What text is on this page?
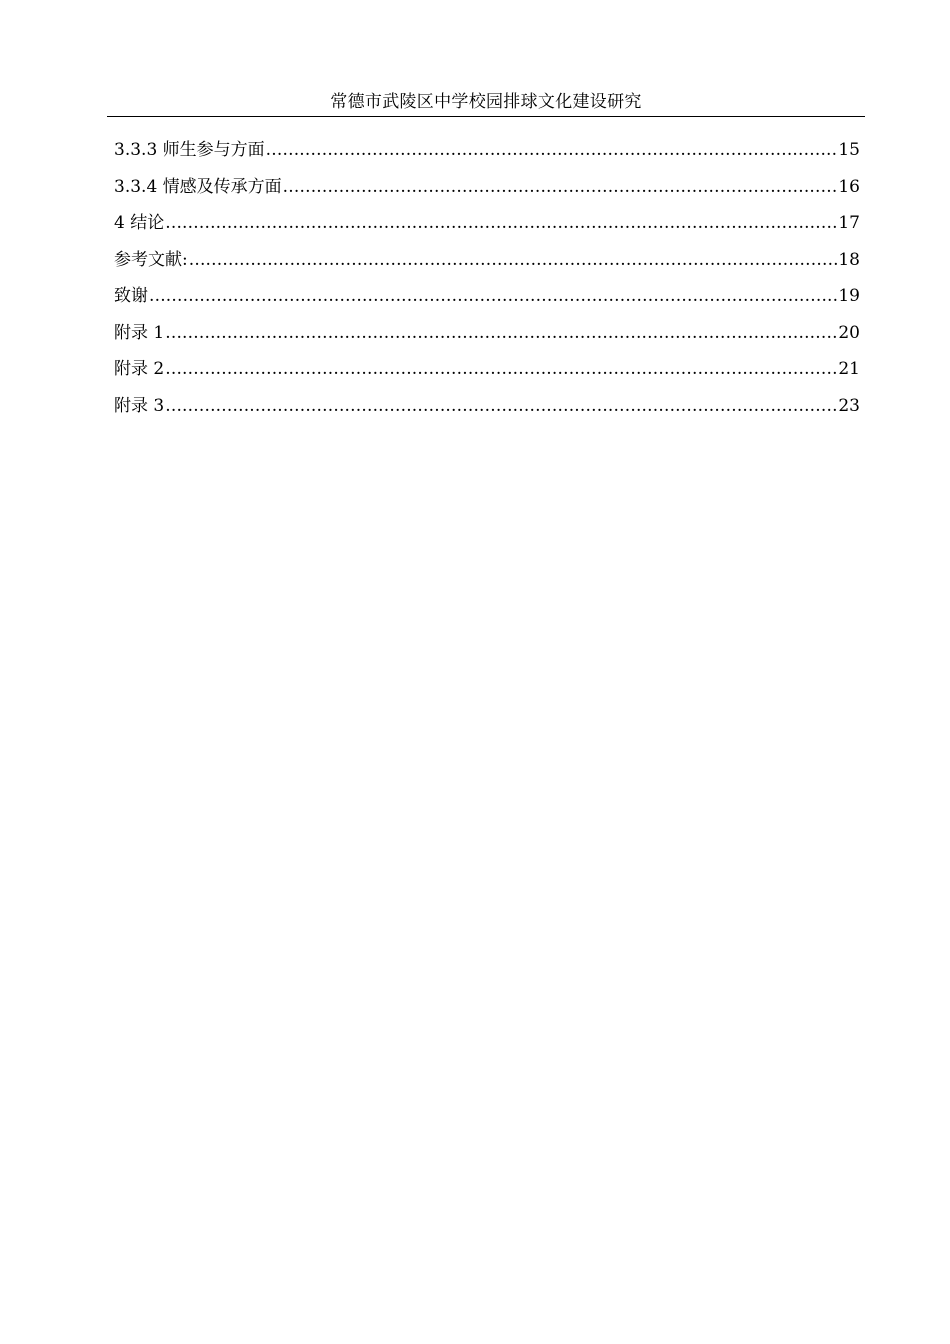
常德市武陵区中学校园排球文化建设研究
3.3.3 师生参与方面 .....	15
3.3.4 情感及传承方面 .....	16
4 结论 .....	17
参考文献: .....	18
致谢 .....	19
附录 1 .....	20
附录 2 .....	21
附录 3 .....	23
